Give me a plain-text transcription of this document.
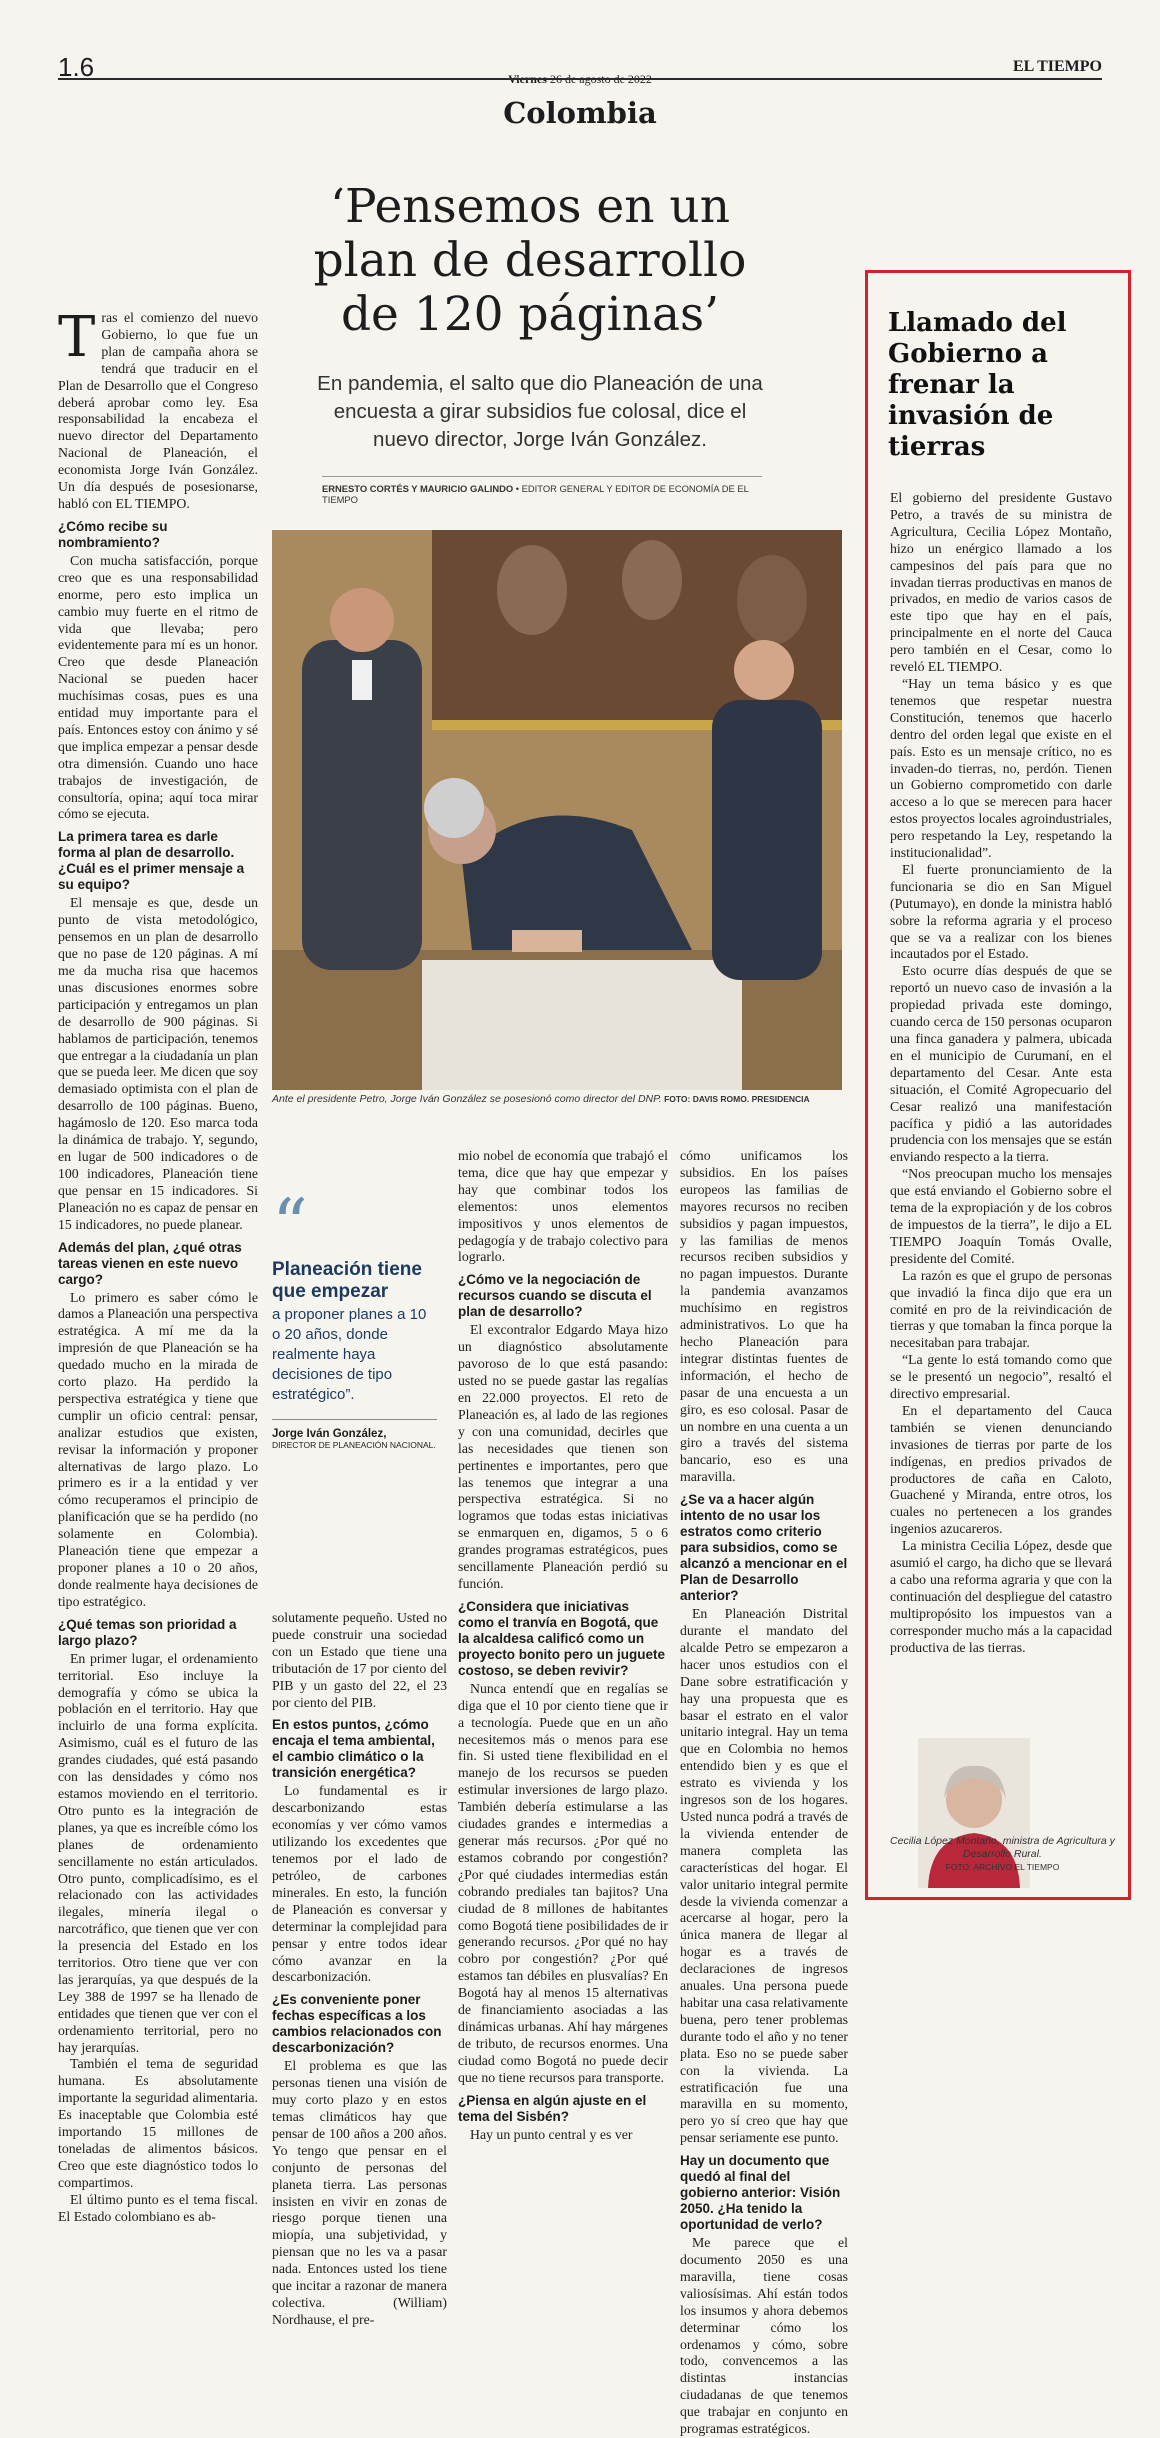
1.6	EL TIEMPO
Viernes 26 de agosto de 2022
Colombia
‘Pensemos en un plan de desarrollo de 120 páginas’
En pandemia, el salto que dio Planeación de una encuesta a girar subsidios fue colosal, dice el nuevo director, Jorge Iván González.
ERNESTO CORTÉS Y MAURICIO GALINDO • EDITOR GENERAL Y EDITOR DE ECONOMÍA DE EL TIEMPO

Tras el comienzo del nuevo Gobierno, lo que fue un plan de campaña ahora se tendrá que traducir en el Plan de Desarrollo que el Congreso deberá aprobar como ley. Esa responsabilidad la encabeza el nuevo director del Departamento Nacional de Planeación, el economista Jorge Iván González. Un día después de posesionarse, habló con EL TIEMPO.

¿Cómo recibe su nombramiento?

Con mucha satisfacción, porque creo que es una responsabilidad enorme, pero esto implica un cambio muy fuerte en el ritmo de vida que llevaba; pero evidentemente para mí es un honor. Creo que desde Planeación Nacional se pueden hacer muchísimas cosas, pues es una entidad muy importante para el país. Entonces estoy con ánimo y sé que implica empezar a pensar desde otra dimensión. Cuando uno hace trabajos de investigación, de consultoría, opina; aquí toca mirar cómo se ejecuta.

La primera tarea es darle forma al plan de desarrollo. ¿Cuál es el primer mensaje a su equipo?

El mensaje es que, desde un punto de vista metodológico, pensemos en un plan de desarrollo que no pase de 120 páginas. A mí me da mucha risa que hacemos unas discusiones enormes sobre participación y entregamos un plan de desarrollo de 900 páginas. Si hablamos de participación, tenemos que entregar a la ciudadanía un plan que se pueda leer. Me dicen que soy demasiado optimista con el plan de desarrollo de 100 páginas. Bueno, hagámoslo de 120. Eso marca toda la dinámica de trabajo. Y, segundo, en lugar de 500 indicadores o de 100 indicadores, Planeación tiene que pensar en 15 indicadores. Si Planeación no es capaz de pensar en 15 indicadores, no puede planear.

Además del plan, ¿qué otras tareas vienen en este nuevo cargo?

Lo primero es saber cómo le damos a Planeación una perspectiva estratégica. A mí me da la impresión de que Planeación se ha quedado mucho en la mirada de corto plazo. Ha perdido la perspectiva estratégica y tiene que cumplir un oficio central: pensar, analizar estudios que existen, revisar la información y proponer alternativas de largo plazo. Lo primero es ir a la entidad y ver cómo recuperamos el principio de planificación que se ha perdido (no solamente en Colombia). Planeación tiene que empezar a proponer planes a 10 o 20 años, donde realmente haya decisiones de tipo estratégico.

¿Qué temas son prioridad a largo plazo?

En primer lugar, el ordenamiento territorial. Eso incluye la demografía y cómo se ubica la población en el territorio. Hay que incluirlo de una forma explícita. Asimismo, cuál es el futuro de las grandes ciudades, qué está pasando con las densidades y cómo nos estamos moviendo en el territorio. Otro punto es la integración de planes, ya que es increíble cómo los planes de ordenamiento sencillamente no están articulados. Otro punto, complicadísimo, es el relacionado con las actividades ilegales, minería ilegal o narcotráfico, que tienen que ver con la presencia del Estado en los territorios. Otro tiene que ver con las jerarquías, ya que después de la Ley 388 de 1997 se ha llenado de entidades que tienen que ver con el ordenamiento territorial, pero no hay jerarquías.

También el tema de seguridad humana. Es absolutamente importante la seguridad alimentaria. Es inaceptable que Colombia esté importando 15 millones de toneladas de alimentos básicos. Creo que este diagnóstico todos lo compartimos.

El último punto es el tema fiscal. El Estado colombiano es ab-

Ante el presidente Petro, Jorge Iván González se posesionó como director del DNP. FOTO: DAVIS ROMO. PRESIDENCIA
“
Planeación tiene que empezar
a proponer planes a 10 o 20 años, donde realmente haya decisiones de tipo estratégico”.
Jorge Iván González,
DIRECTOR DE PLANEACIÓN NACIONAL.

solutamente pequeño. Usted no puede construir una sociedad con un Estado que tiene una tributación de 17 por ciento del PIB y un gasto del 22, el 23 por ciento del PIB.

En estos puntos, ¿cómo encaja el tema ambiental, el cambio climático o la transición energética?

Lo fundamental es ir descarbonizando estas economías y ver cómo vamos utilizando los excedentes que tenemos por el lado de petróleo, de carbones minerales. En esto, la función de Planeación es conversar y determinar la complejidad para pensar y entre todos idear cómo avanzar en la descarbonización.

¿Es conveniente poner fechas específicas a los cambios relacionados con descarbonización?

El problema es que las personas tienen una visión de muy corto plazo y en estos temas climáticos hay que pensar de 100 años a 200 años. Yo tengo que pensar en el conjunto de personas del planeta tierra. Las personas insisten en vivir en zonas de riesgo porque tienen una miopía, una subjetividad, y piensan que no les va a pasar nada. Entonces usted los tiene que incitar a razonar de manera colectiva. (William) Nordhause, el pre-

mio nobel de economía que trabajó el tema, dice que hay que empezar y hay que combinar todos los elementos: unos elementos impositivos y unos elementos de pedagogía y de trabajo colectivo para lograrlo.

¿Cómo ve la negociación de recursos cuando se discuta el plan de desarrollo?

El excontralor Edgardo Maya hizo un diagnóstico absolutamente pavoroso de lo que está pasando: usted no se puede gastar las regalías en 22.000 proyectos. El reto de Planeación es, al lado de las regiones y con una comunidad, decirles que las necesidades que tienen son pertinentes e importantes, pero que las tenemos que integrar a una perspectiva estratégica. Si no logramos que todas estas iniciativas se enmarquen en, digamos, 5 o 6 grandes programas estratégicos, pues sencillamente Planeación perdió su función.

¿Considera que iniciativas como el tranvía en Bogotá, que la alcaldesa calificó como un proyecto bonito pero un juguete costoso, se deben revivir?

Nunca entendí que en regalías se diga que el 10 por ciento tiene que ir a tecnología. Puede que en un año necesitemos más o menos para ese fin. Si usted tiene flexibilidad en el manejo de los recursos se pueden estimular inversiones de largo plazo. También debería estimularse a las ciudades grandes e intermedias a generar más recursos. ¿Por qué no estamos cobrando por congestión? ¿Por qué ciudades intermedias están cobrando prediales tan bajitos? Una ciudad de 8 millones de habitantes como Bogotá tiene posibilidades de ir generando recursos. ¿Por qué no hay cobro por congestión? ¿Por qué estamos tan débiles en plusvalías? En Bogotá hay al menos 15 alternativas de financiamiento asociadas a las dinámicas urbanas. Ahí hay márgenes de tributo, de recursos enormes. Una ciudad como Bogotá no puede decir que no tiene recursos para transporte.

¿Piensa en algún ajuste en el tema del Sisbén?

Hay un punto central y es ver

cómo unificamos los subsidios. En los países europeos las familias de mayores recursos no reciben subsidios y pagan impuestos, y las familias de menos recursos reciben subsidios y no pagan impuestos. Durante la pandemia avanzamos muchísimo en registros administrativos. Lo que ha hecho Planeación para integrar distintas fuentes de información, el hecho de pasar de una encuesta a un giro, es eso colosal. Pasar de un nombre en una cuenta a un giro a través del sistema bancario, eso es una maravilla.

¿Se va a hacer algún intento de no usar los estratos como criterio para subsidios, como se alcanzó a mencionar en el Plan de Desarrollo anterior?

En Planeación Distrital durante el mandato del alcalde Petro se empezaron a hacer unos estudios con el Dane sobre estratificación y hay una propuesta que es basar el estrato en el valor unitario integral. Hay un tema que en Colombia no hemos entendido bien y es que el estrato es vivienda y los ingresos son de los hogares. Usted nunca podrá a través de la vivienda entender de manera completa las características del hogar. El valor unitario integral permite desde la vivienda comenzar a acercarse al hogar, pero la única manera de llegar al hogar es a través de declaraciones de ingresos anuales. Una persona puede habitar una casa relativamente buena, pero tener problemas durante todo el año y no tener plata. Eso no se puede saber con la vivienda. La estratificación fue una maravilla en su momento, pero yo sí creo que hay que pensar seriamente ese punto.

Hay un documento que quedó al final del gobierno anterior: Visión 2050. ¿Ha tenido la oportunidad de verlo?

Me parece que el documento 2050 es una maravilla, tiene cosas valiosísimas. Ahí están todos los insumos y ahora debemos determinar cómo los ordenamos y cómo, sobre todo, convencemos a las distintas instancias ciudadanas de que tenemos que trabajar en conjunto en programas estratégicos.

Llamado del Gobierno a frenar la invasión de tierras

El gobierno del presidente Gustavo Petro, a través de su ministra de Agricultura, Cecilia López Montaño, hizo un enérgico llamado a los campesinos del país para que no invadan tierras productivas en manos de privados, en medio de varios casos de este tipo que hay en el país, principalmente en el norte del Cauca pero también en el Cesar, como lo reveló EL TIEMPO.

“Hay un tema básico y es que tenemos que respetar nuestra Constitución, tenemos que hacerlo dentro del orden legal que existe en el país. Esto es un mensaje crítico, no es invaden-do tierras, no, perdón. Tienen un Gobierno comprometido con darle acceso a lo que se merecen para hacer estos proyectos locales agroindustriales, pero respetando la Ley, respetando la institucionalidad”.

El fuerte pronunciamiento de la funcionaria se dio en San Miguel (Putumayo), en donde la ministra habló sobre la reforma agraria y el proceso que se va a realizar con los bienes incautados por el Estado.

Esto ocurre días después de que se reportó un nuevo caso de invasión a la propiedad privada este domingo, cuando cerca de 150 personas ocuparon una finca ganadera y palmera, ubicada en el municipio de Curumaní, en el departamento del Cesar. Ante esta situación, el Comité Agropecuario del Cesar realizó una manifestación pacífica y pidió a las autoridades prudencia con los mensajes que se están enviando respecto a la tierra.

“Nos preocupan mucho los mensajes que está enviando el Gobierno sobre el tema de la expropiación y de los cobros de impuestos de la tierra”, le dijo a EL TIEMPO Joaquín Tomás Ovalle, presidente del Comité.

La razón es que el grupo de personas que invadió la finca dijo que era un comité en pro de la reivindicación de tierras y que tomaban la finca porque la necesitaban para trabajar.

“La gente lo está tomando como que se le presentó un negocio”, resaltó el directivo empresarial.

En el departamento del Cauca también se vienen denunciando invasiones de tierras por parte de los indígenas, en predios privados de productores de caña en Caloto, Guachené y Miranda, entre otros, los cuales no pertenecen a los grandes ingenios azucareros.

La ministra Cecilia López, desde que asumió el cargo, ha dicho que se llevará a cabo una reforma agraria y que con la continuación del despliegue del catastro multipropósito los impuestos van a corresponder mucho más a la capacidad productiva de las tierras.

Cecilia López Montaño, ministra de Agricultura y Desarrollo Rural.
FOTO: ARCHIVO EL TIEMPO
